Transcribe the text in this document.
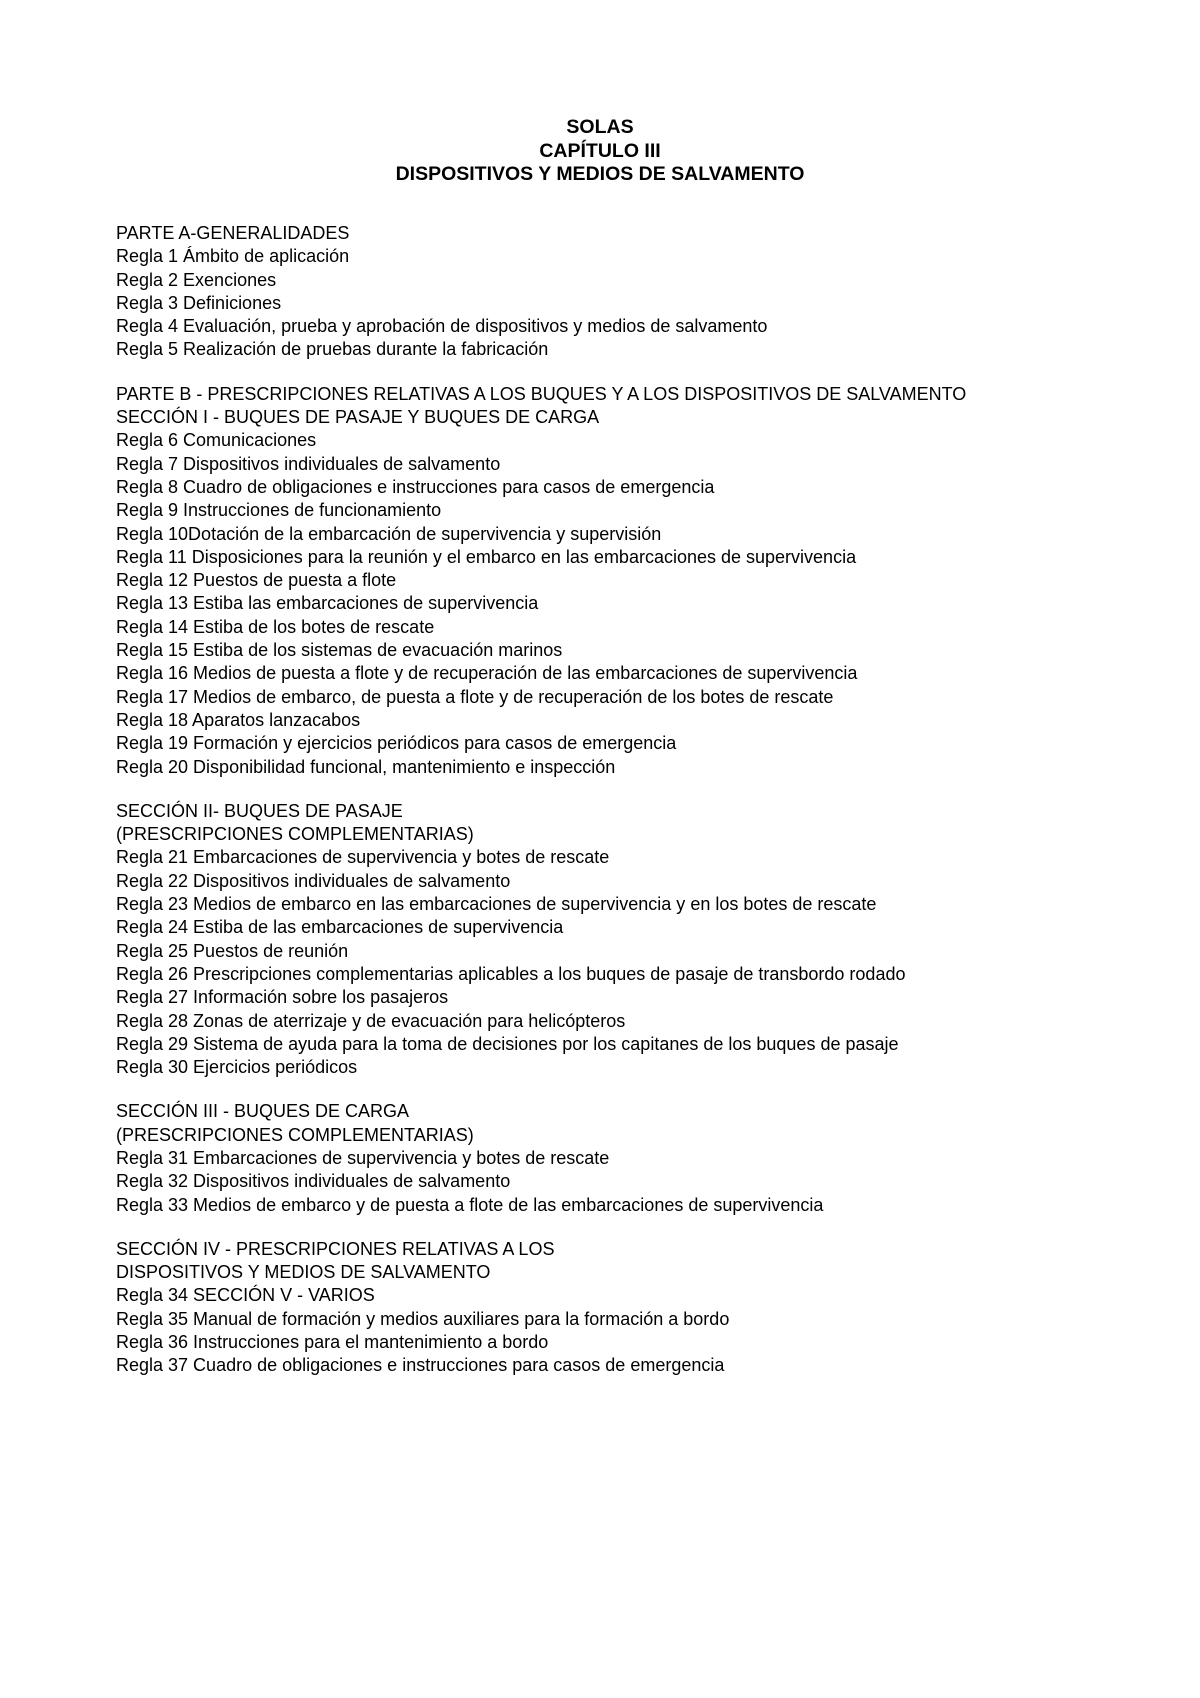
SOLAS
CAPÍTULO III
DISPOSITIVOS Y MEDIOS DE SALVAMENTO
PARTE A-GENERALIDADES
Regla 1 Ámbito de aplicación
Regla 2 Exenciones
Regla 3 Definiciones
Regla 4 Evaluación, prueba y aprobación de dispositivos y medios de salvamento
Regla 5 Realización de pruebas durante la fabricación
PARTE B - PRESCRIPCIONES RELATIVAS A LOS BUQUES Y A LOS DISPOSITIVOS DE SALVAMENTO
SECCIÓN I - BUQUES DE PASAJE Y BUQUES DE CARGA
Regla 6 Comunicaciones
Regla 7 Dispositivos individuales de salvamento
Regla 8 Cuadro de obligaciones e instrucciones para casos de emergencia
Regla 9 Instrucciones de funcionamiento
Regla 10Dotación de la embarcación de supervivencia y supervisión
Regla 11 Disposiciones para la reunión y el embarco en las embarcaciones de supervivencia
Regla 12 Puestos de puesta a flote
Regla 13 Estiba las embarcaciones de supervivencia
Regla 14 Estiba de los botes de rescate
Regla 15 Estiba de los sistemas de evacuación marinos
Regla 16 Medios de puesta a flote y de recuperación de las embarcaciones de supervivencia
Regla 17 Medios de embarco, de puesta a flote y de recuperación de los botes de rescate
Regla 18 Aparatos lanzacabos
Regla 19 Formación y ejercicios periódicos para casos de emergencia
Regla 20 Disponibilidad funcional, mantenimiento e inspección
SECCIÓN II- BUQUES DE PASAJE
(PRESCRIPCIONES COMPLEMENTARIAS)
Regla 21 Embarcaciones de supervivencia y botes de rescate
Regla 22 Dispositivos individuales de salvamento
Regla 23 Medios de embarco en las embarcaciones de supervivencia y en los botes de rescate
Regla 24 Estiba de las embarcaciones de supervivencia
Regla 25 Puestos de reunión
Regla 26 Prescripciones complementarias aplicables a los buques de pasaje de transbordo rodado
Regla 27 Información sobre los pasajeros
Regla 28 Zonas de aterrizaje y de evacuación para helicópteros
Regla 29 Sistema de ayuda para la toma de decisiones por los capitanes de los buques de pasaje
Regla 30 Ejercicios periódicos
SECCIÓN III - BUQUES DE CARGA
(PRESCRIPCIONES COMPLEMENTARIAS)
Regla 31 Embarcaciones de supervivencia y botes de rescate
Regla 32 Dispositivos individuales de salvamento
Regla 33 Medios de embarco y de puesta a flote de las embarcaciones de supervivencia
SECCIÓN IV - PRESCRIPCIONES RELATIVAS A LOS
DISPOSITIVOS Y MEDIOS DE SALVAMENTO
Regla 34 SECCIÓN V - VARIOS
Regla 35 Manual de formación y medios auxiliares para la formación a bordo
Regla 36 Instrucciones para el mantenimiento a bordo
Regla 37 Cuadro de obligaciones e instrucciones para casos de emergencia
